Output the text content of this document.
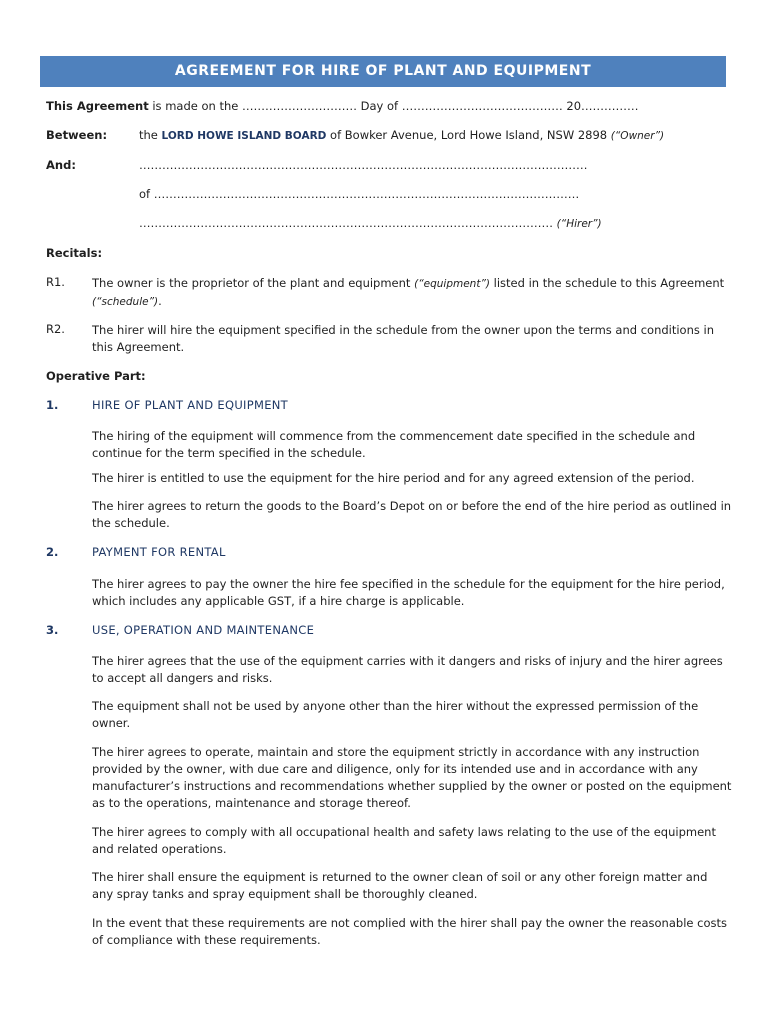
AGREEMENT FOR HIRE OF PLANT AND EQUIPMENT
This Agreement is made on the ………………………… Day of …………………………………… 20……………
Between:	the LORD HOWE ISLAND BOARD of Bowker Avenue, Lord Howe Island, NSW 2898 (“Owner”)
And:	………………………………………………………………………………………………………
of …………………………………………………………………………………………………
……………………………………………………………………………………………… (“Hirer”)
Recitals:
R1. The owner is the proprietor of the plant and equipment (“equipment”) listed in the schedule to this Agreement
(“schedule”).
R2. The hirer will hire the equipment specified in the schedule from the owner upon the terms and conditions in this Agreement.
Operative Part:
1.	HIRE OF PLANT AND EQUIPMENT
The hiring of the equipment will commence from the commencement date specified in the schedule and continue for the term specified in the schedule.
The hirer is entitled to use the equipment for the hire period and for any agreed extension of the period.
The hirer agrees to return the goods to the Board’s Depot on or before the end of the hire period as outlined in the schedule.
2.	PAYMENT FOR RENTAL
The hirer agrees to pay the owner the hire fee specified in the schedule for the equipment for the hire period, which includes any applicable GST, if a hire charge is applicable.
3.	USE, OPERATION AND MAINTENANCE
The hirer agrees that the use of the equipment carries with it dangers and risks of injury and the hirer agrees to accept all dangers and risks.
The equipment shall not be used by anyone other than the hirer without the expressed permission of the owner.
The hirer agrees to operate, maintain and store the equipment strictly in accordance with any instruction provided by the owner, with due care and diligence, only for its intended use and in accordance with any manufacturer’s instructions and recommendations whether supplied by the owner or posted on the equipment as to the operations, maintenance and storage thereof.
The hirer agrees to comply with all occupational health and safety laws relating to the use of the equipment and related operations.
The hirer shall ensure the equipment is returned to the owner clean of soil or any other foreign matter and any spray tanks and spray equipment shall be thoroughly cleaned.
In the event that these requirements are not complied with the hirer shall pay the owner the reasonable costs of compliance with these requirements.
